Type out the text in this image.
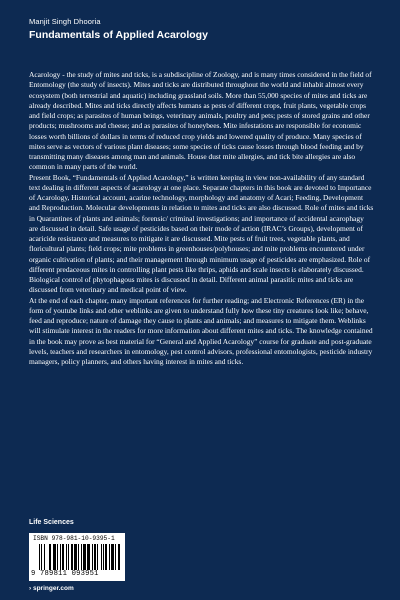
Manjit Singh Dhooria
Fundamentals of Applied Acarology

Acarology - the study of mites and ticks, is a subdiscipline of Zoology, and is many times considered in the field of Entomology (the study of insects). Mites and ticks are distributed throughout the world and inhabit almost every ecosystem (both terrestrial and aquatic) including grassland soils. More than 55,000 species of mites and ticks are already described. Mites and ticks directly affects humans as pests of different crops, fruit plants, vegetable crops and field crops; as parasites of human beings, veterinary animals, poultry and pets; pests of stored grains and other products; mushrooms and cheese; and as parasites of honeybees. Mite infestations are responsible for economic losses worth billions of dollars in terms of reduced crop yields and lowered quality of produce. Many species of mites serve as vectors of various plant diseases; some species of ticks cause losses through blood feeding and by transmitting many diseases among man and animals. House dust mite allergies, and tick bite allergies are also common in many parts of the world.

Present Book, “Fundamentals of Applied Acarology,” is written keeping in view non-availability of any standard text dealing in different aspects of acarology at one place. Separate chapters in this book are devoted to Importance of Acarology, Historical account, acarine technology, morphology and anatomy of Acari; Feeding, Development and Reproduction. Molecular developments in relation to mites and ticks are also discussed. Role of mites and ticks in Quarantines of plants and animals; forensic/ criminal investigations; and importance of accidental acarophagy are discussed in detail. Safe usage of pesticides based on their mode of action (IRAC’s Groups), development of acaricide resistance and measures to mitigate it are discussed. Mite pests of fruit trees, vegetable plants, and floricultural plants; field crops; mite problems in greenhouses/polyhouses; and mite problems encountered under organic cultivation of plants; and their management through minimum usage of pesticides are emphasized. Role of different predaceous mites in controlling plant pests like thrips, aphids and scale insects is elaborately discussed. Biological control of phytophagous mites is discussed in detail. Different animal parasitic mites and ticks are discussed from veterinary and medical point of view.

At the end of each chapter, many important references for further reading; and Electronic References (ER) in the form of youtube links and other weblinks are given to understand fully how these tiny creatures look like; behave, feed and reproduce; nature of damage they cause to plants and animals; and measures to mitigate them. Weblinks will stimulate interest in the readers for more information about different mites and ticks. The knowledge contained in the book may prove as best material for “General and Applied Acarology” course for graduate and post-graduate levels, teachers and researchers in entomology, pest control advisors, professional entomologists, pesticide industry managers, policy planners, and others having interest in mites and ticks.

Life Sciences
ISBN 978-981-10-9395-1
9 789811 093951
› springer.com
